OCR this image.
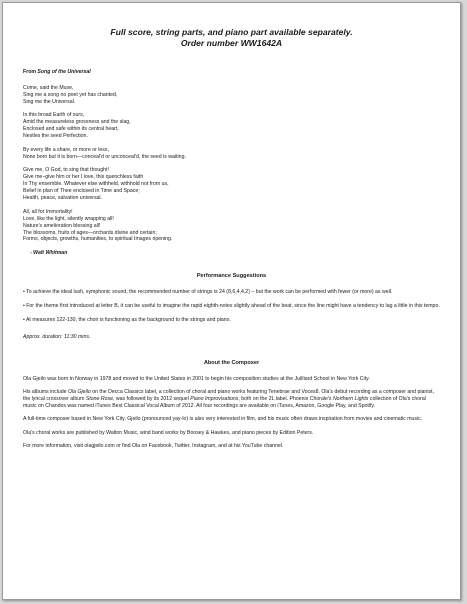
Full score, string parts, and piano part available separately.
Order number WW1642A
From Song of the Universal
Come, said the Muse,
Sing me a song no poet yet has chanted,
Sing me the Universal.
In this broad Earth of ours,
Amid the measureless grossness and the slag,
Enclosed and safe within its central heart,
Nestles the seed Perfection.
By every life a share, or more or less,
None born but it is born—conceal'd or unconceal'd, the seed is waiting.
Give me, O God, to sing that thought!
Give me–give him or her I love, this quenchless faith
In Thy ensemble. Whatever else withheld, withhold not from us,
Belief in plan of Thee enclosed in Time and Space;
Health, peace, salvation universal.
All, all for Immortality!
Love, like the light, silently wrapping all!
Nature's amelioration blessing all!
The blossoms, fruits of ages—orchards divine and certain;
Forms, objects, growths, humanities, to spiritual Images ripening.
- Walt Whitman
Performance Suggestions

• To achieve the ideal lush, symphonic sound, the recommended number of strings is 24 (8,6,4,4,2) – but the work can be performed with fewer (or more) as well.

• For the theme first introduced at letter B, it can be useful to imagine the rapid eighth-notes slightly ahead of the beat, since the line might have a tendency to lag a little in this tempo.

• At measures 122-130, the choir is functioning as the background to the strings and piano.

Approx. duration: 11:30 mins.

About the Composer

Ola Gjeilo was born in Norway in 1978 and moved to the United States in 2001 to begin his composition studies at the Juilliard School in New York City.

His albums include Ola Gjeilo on the Decca Classics label, a collection of choral and piano works featuring Tenebrae and Voces8. Ola's debut recording as a composer and pianist, the lyrical crossover album Stone Rose, was followed by its 2012 sequel Piano Improvisations, both on the 2L label. Phoenix Chorale's Northern Lights collection of Ola's choral music on Chandos was named iTunes Best Classical Vocal Album of 2012. All four recordings are available on iTunes, Amazon, Google Play, and Spotify.

A full-time composer based in New York City, Gjeilo (pronounced yay-lo) is also very interested in film, and his music often draws inspiration from movies and cinematic music.

Ola's choral works are published by Walton Music, wind band works by Boosey & Hawkes, and piano pieces by Edition Peters.

For more information, visit olagjeilo.com or find Ola on Facebook, Twitter, Instagram, and at his YouTube channel.
